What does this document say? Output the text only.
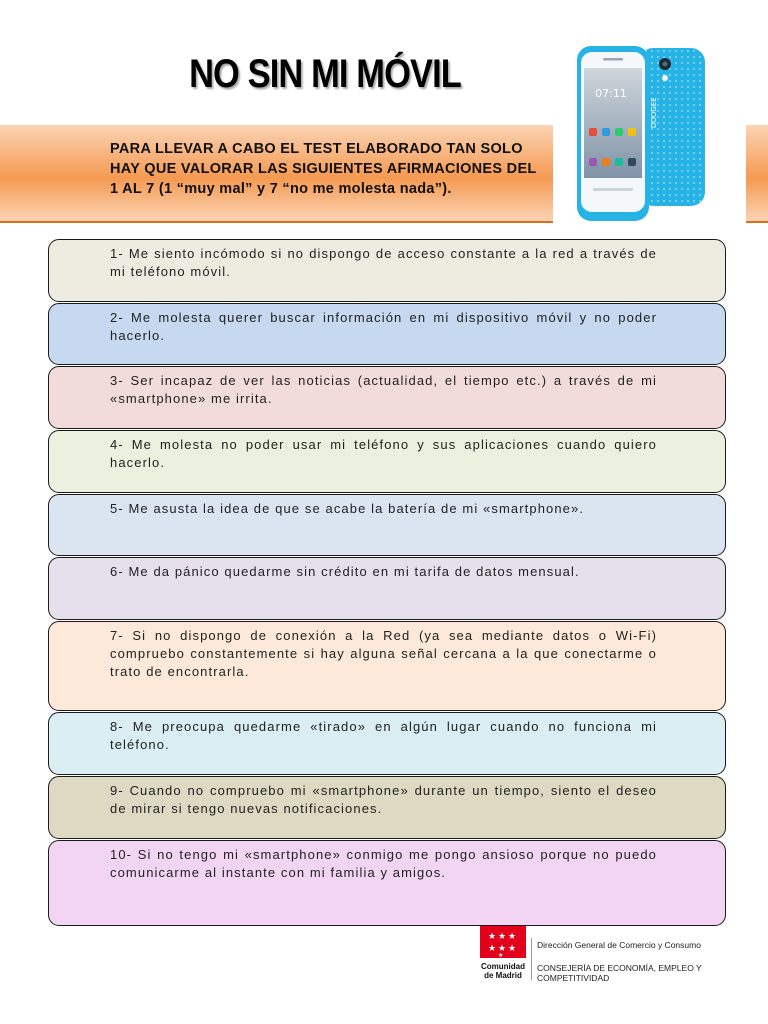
NO SIN MI MÓVIL
PARA LLEVAR A CABO EL TEST ELABORADO TAN SOLO
HAY QUE VALORAR LAS SIGUIENTES AFIRMACIONES DEL
1 AL 7 (1 “muy mal” y 7 “no me molesta nada”).
DOOGEE
07:11
1- Me siento incómodo si no dispongo de acceso constante a la red a través de mi teléfono móvil.
2- Me molesta querer buscar información en mi dispositivo móvil y no poder hacerlo.
3- Ser incapaz de ver las noticias (actualidad, el tiempo etc.) a través de mi «smartphone» me irrita.
4- Me molesta no poder usar mi teléfono y sus aplicaciones cuando quiero hacerlo.
5- Me asusta la idea de que se acabe la batería de mi «smartphone».
6- Me da pánico quedarme sin crédito en mi tarifa de datos mensual.
7- Si no dispongo de conexión a la Red (ya sea mediante datos o Wi-Fi) compruebo constantemente si hay alguna señal cercana a la que conectarme o trato de encontrarla.
8- Me preocupa quedarme «tirado» en algún lugar cuando no funciona mi teléfono.
9- Cuando no compruebo mi «smartphone» durante un tiempo, siento el deseo de mirar si tengo nuevas notificaciones.
10- Si no tengo mi «smartphone» conmigo me pongo ansioso porque no puedo comunicarme al instante con mi familia y amigos.
★ ★ ★
★ ★ ★
★
Comunidad de Madrid
Dirección General de Comercio y Consumo
CONSEJERÍA DE ECONOMÍA, EMPLEO Y COMPETITIVIDAD
